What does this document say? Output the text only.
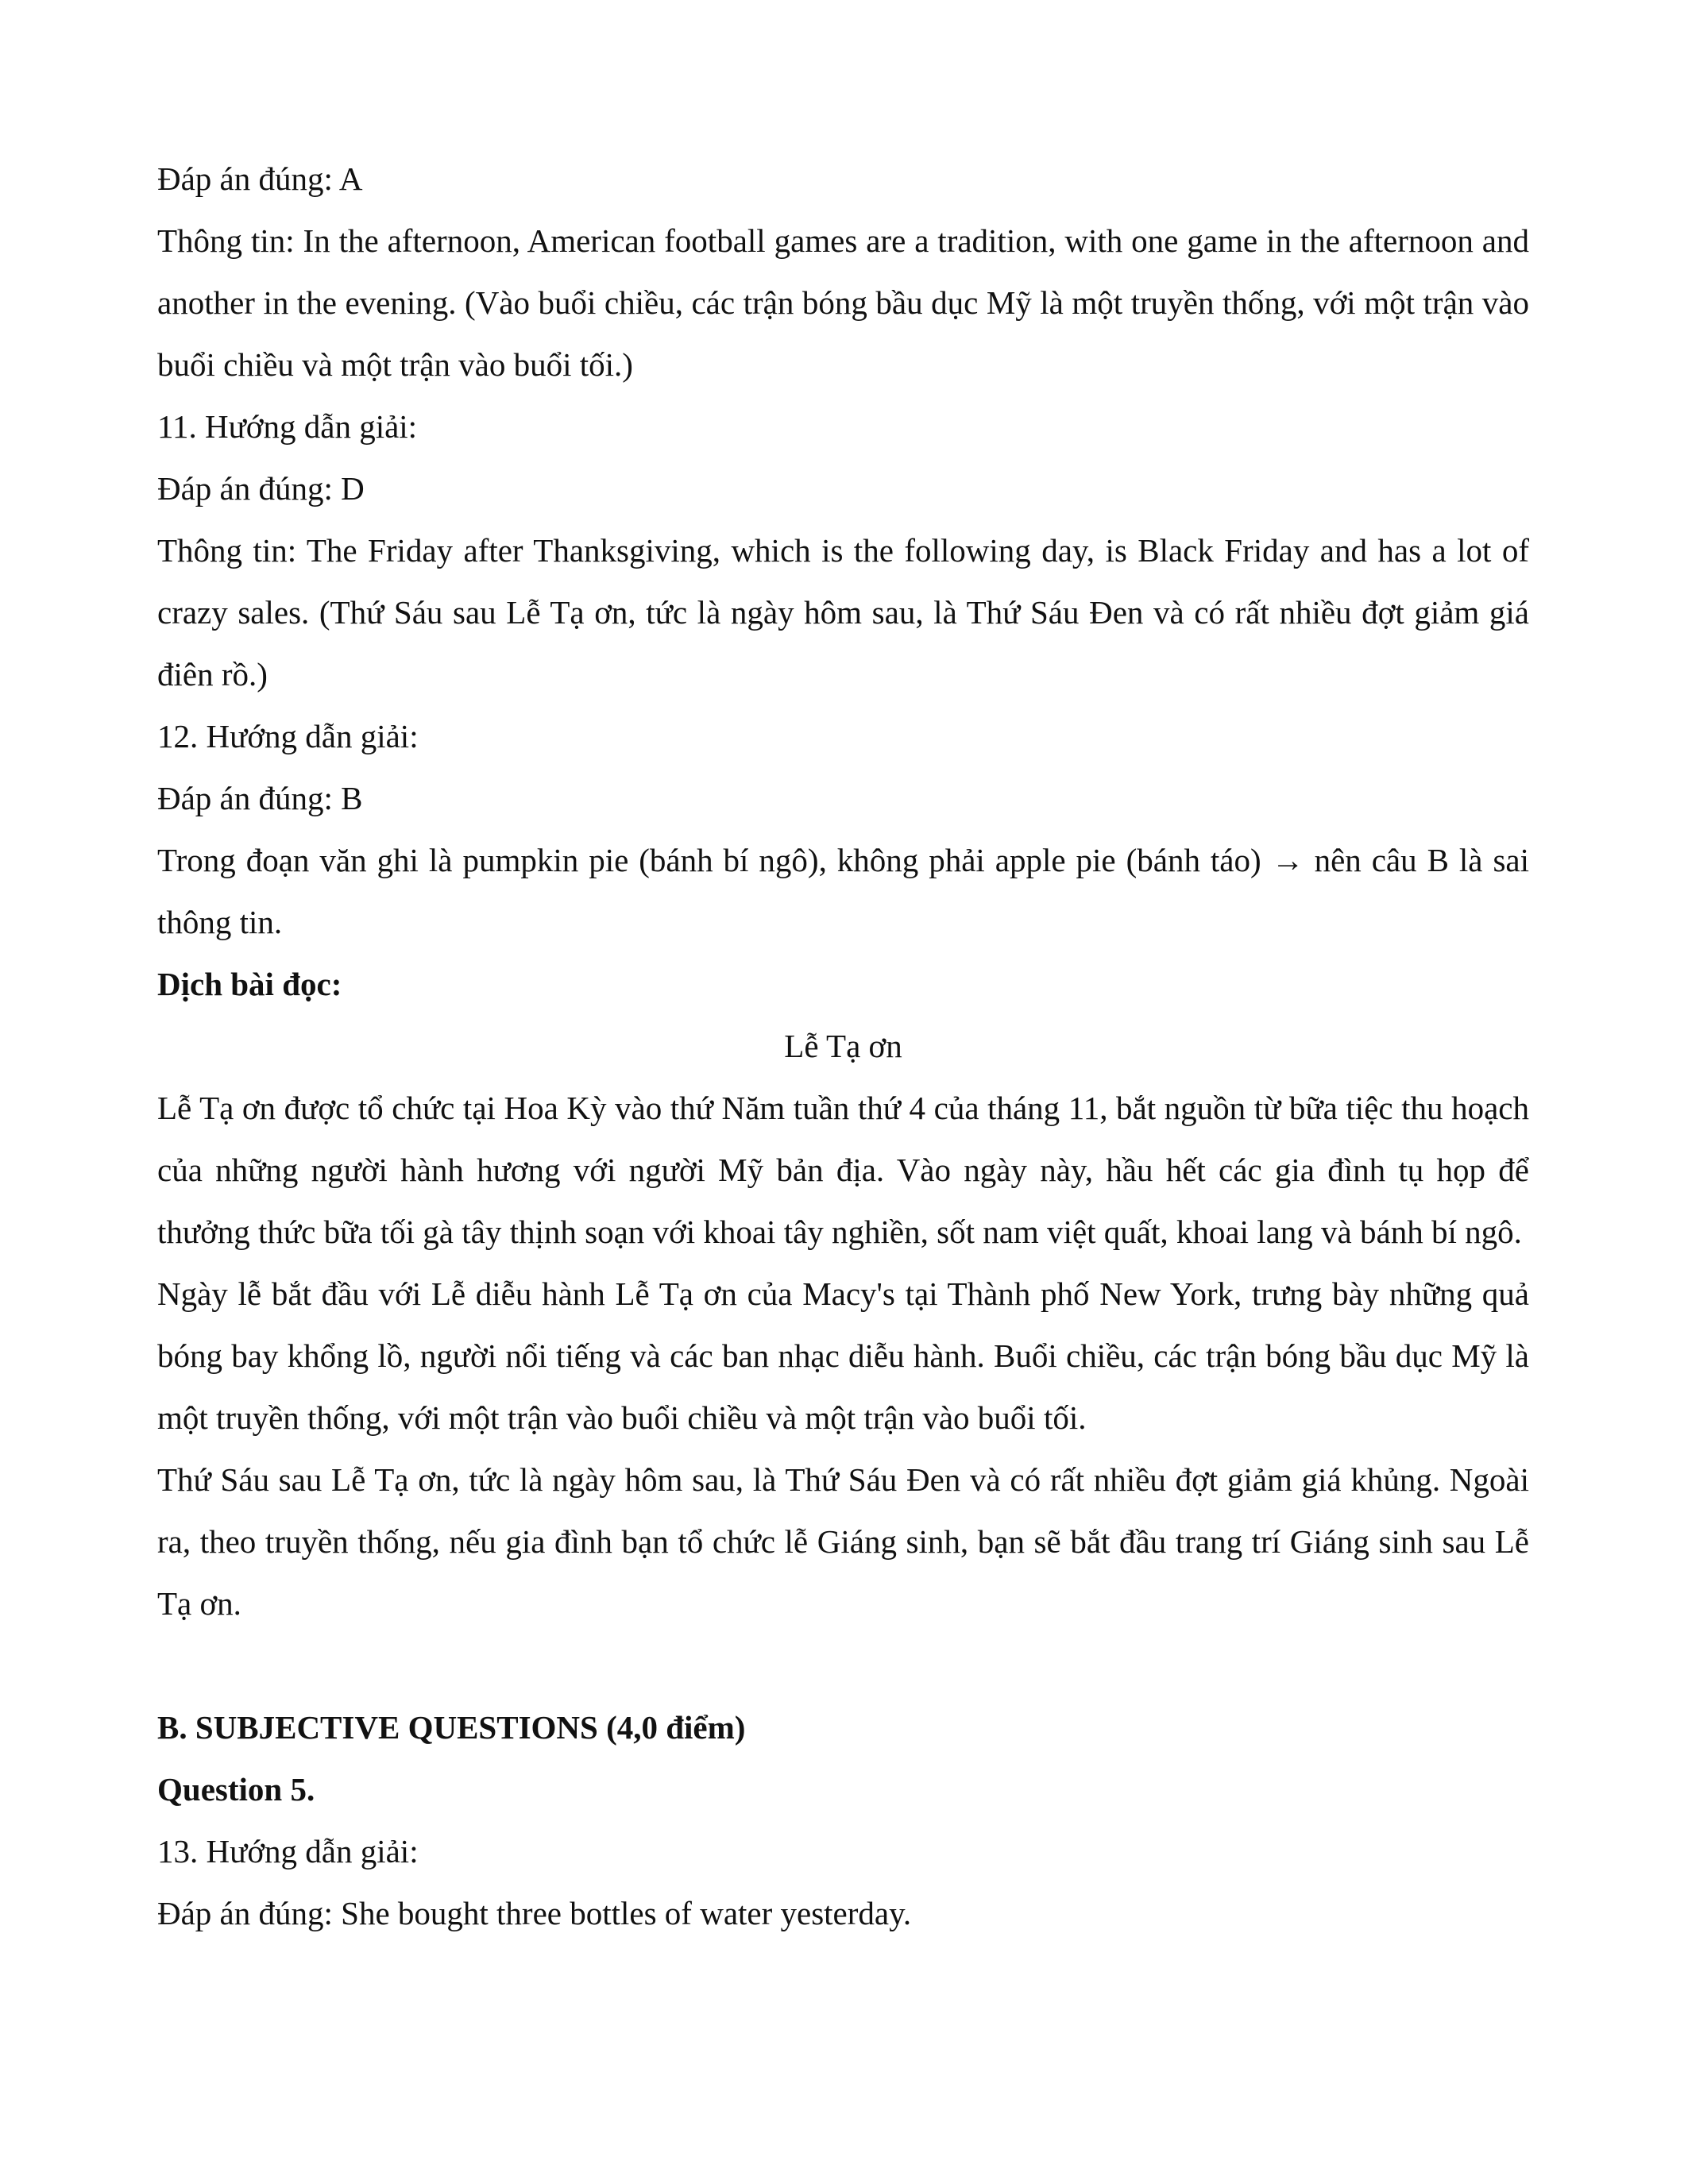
Đáp án đúng: A
Thông tin: In the afternoon, American football games are a tradition, with one game in the afternoon and another in the evening. (Vào buổi chiều, các trận bóng bầu dục Mỹ là một truyền thống, với một trận vào buổi chiều và một trận vào buổi tối.)
11. Hướng dẫn giải:
Đáp án đúng: D
Thông tin: The Friday after Thanksgiving, which is the following day, is Black Friday and has a lot of crazy sales. (Thứ Sáu sau Lễ Tạ ơn, tức là ngày hôm sau, là Thứ Sáu Đen và có rất nhiều đợt giảm giá điên rồ.)
12. Hướng dẫn giải:
Đáp án đúng: B
Trong đoạn văn ghi là pumpkin pie (bánh bí ngô), không phải apple pie (bánh táo) → nên câu B là sai thông tin.
Dịch bài đọc:
Lễ Tạ ơn
Lễ Tạ ơn được tổ chức tại Hoa Kỳ vào thứ Năm tuần thứ 4 của tháng 11, bắt nguồn từ bữa tiệc thu hoạch của những người hành hương với người Mỹ bản địa. Vào ngày này, hầu hết các gia đình tụ họp để thưởng thức bữa tối gà tây thịnh soạn với khoai tây nghiền, sốt nam việt quất, khoai lang và bánh bí ngô.
Ngày lễ bắt đầu với Lễ diễu hành Lễ Tạ ơn của Macy's tại Thành phố New York, trưng bày những quả bóng bay khổng lồ, người nổi tiếng và các ban nhạc diễu hành. Buổi chiều, các trận bóng bầu dục Mỹ là một truyền thống, với một trận vào buổi chiều và một trận vào buổi tối.
Thứ Sáu sau Lễ Tạ ơn, tức là ngày hôm sau, là Thứ Sáu Đen và có rất nhiều đợt giảm giá khủng. Ngoài ra, theo truyền thống, nếu gia đình bạn tổ chức lễ Giáng sinh, bạn sẽ bắt đầu trang trí Giáng sinh sau Lễ Tạ ơn.
B. SUBJECTIVE QUESTIONS (4,0 điểm)
Question 5.
13. Hướng dẫn giải:
Đáp án đúng: She bought three bottles of water yesterday.
